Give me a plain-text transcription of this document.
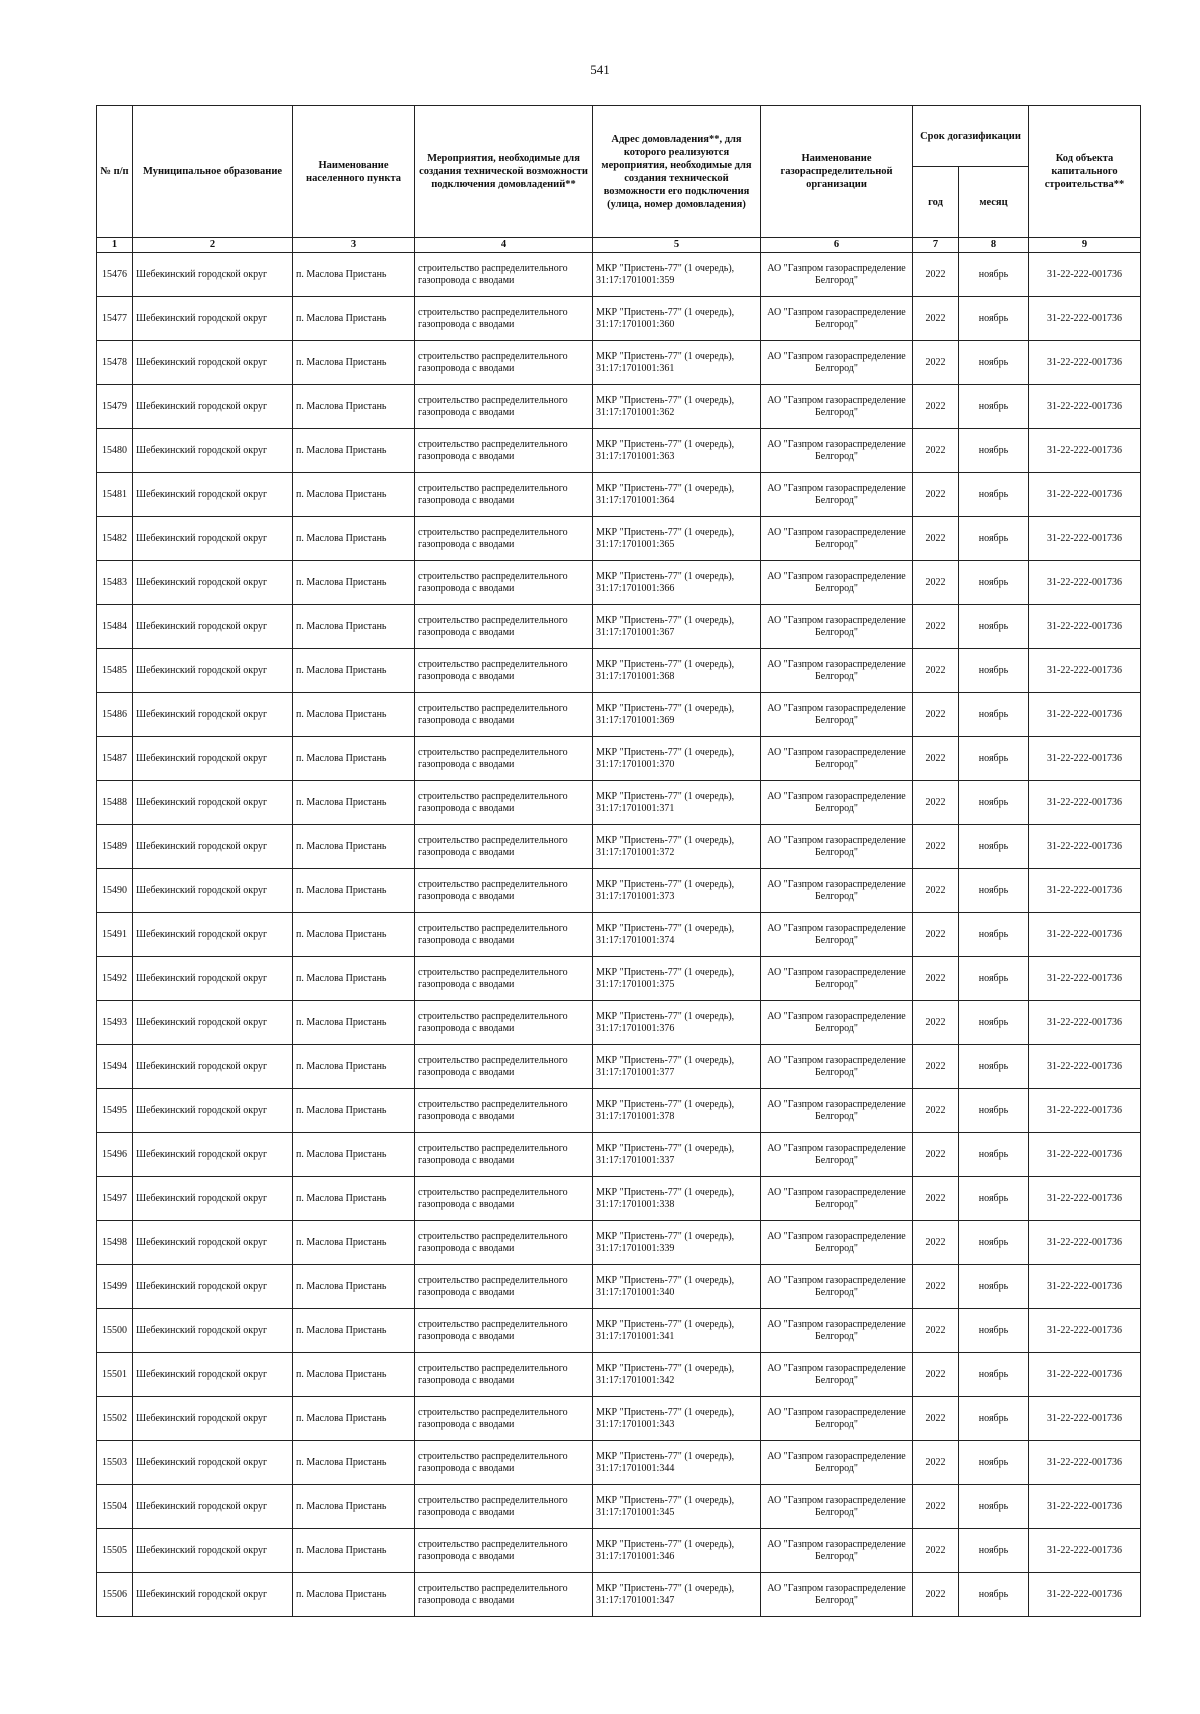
541
№ п/п	Муниципальное образование	Наименование населенного пункта	Мероприятия, необходимые для создания технической возможности подключения домовладений**	Адрес домовладения**, для которого реализуются мероприятия, необходимые для создания технической возможности его подключения (улица, номер домовладения)	Наименование газораспределительной организации	Срок догазификации		Код объекта капитального строительства**
						год	месяц	
1	2	3	4	5	6	7	8	9
15476	Шебекинский городской округ	п. Маслова Пристань	строительство распределительного газопровода с вводами	МКР "Пристень-77" (1 очередь), 31:17:1701001:359	АО "Газпром газораспределение Белгород"	2022	ноябрь	31-22-222-001736
15477	Шебекинский городской округ	п. Маслова Пристань	строительство распределительного газопровода с вводами	МКР "Пристень-77" (1 очередь), 31:17:1701001:360	АО "Газпром газораспределение Белгород"	2022	ноябрь	31-22-222-001736
15478	Шебекинский городской округ	п. Маслова Пристань	строительство распределительного газопровода с вводами	МКР "Пристень-77" (1 очередь), 31:17:1701001:361	АО "Газпром газораспределение Белгород"	2022	ноябрь	31-22-222-001736
15479	Шебекинский городской округ	п. Маслова Пристань	строительство распределительного газопровода с вводами	МКР "Пристень-77" (1 очередь), 31:17:1701001:362	АО "Газпром газораспределение Белгород"	2022	ноябрь	31-22-222-001736
15480	Шебекинский городской округ	п. Маслова Пристань	строительство распределительного газопровода с вводами	МКР "Пристень-77" (1 очередь), 31:17:1701001:363	АО "Газпром газораспределение Белгород"	2022	ноябрь	31-22-222-001736
15481	Шебекинский городской округ	п. Маслова Пристань	строительство распределительного газопровода с вводами	МКР "Пристень-77" (1 очередь), 31:17:1701001:364	АО "Газпром газораспределение Белгород"	2022	ноябрь	31-22-222-001736
15482	Шебекинский городской округ	п. Маслова Пристань	строительство распределительного газопровода с вводами	МКР "Пристень-77" (1 очередь), 31:17:1701001:365	АО "Газпром газораспределение Белгород"	2022	ноябрь	31-22-222-001736
15483	Шебекинский городской округ	п. Маслова Пристань	строительство распределительного газопровода с вводами	МКР "Пристень-77" (1 очередь), 31:17:1701001:366	АО "Газпром газораспределение Белгород"	2022	ноябрь	31-22-222-001736
15484	Шебекинский городской округ	п. Маслова Пристань	строительство распределительного газопровода с вводами	МКР "Пристень-77" (1 очередь), 31:17:1701001:367	АО "Газпром газораспределение Белгород"	2022	ноябрь	31-22-222-001736
15485	Шебекинский городской округ	п. Маслова Пристань	строительство распределительного газопровода с вводами	МКР "Пристень-77" (1 очередь), 31:17:1701001:368	АО "Газпром газораспределение Белгород"	2022	ноябрь	31-22-222-001736
15486	Шебекинский городской округ	п. Маслова Пристань	строительство распределительного газопровода с вводами	МКР "Пристень-77" (1 очередь), 31:17:1701001:369	АО "Газпром газораспределение Белгород"	2022	ноябрь	31-22-222-001736
15487	Шебекинский городской округ	п. Маслова Пристань	строительство распределительного газопровода с вводами	МКР "Пристень-77" (1 очередь), 31:17:1701001:370	АО "Газпром газораспределение Белгород"	2022	ноябрь	31-22-222-001736
15488	Шебекинский городской округ	п. Маслова Пристань	строительство распределительного газопровода с вводами	МКР "Пристень-77" (1 очередь), 31:17:1701001:371	АО "Газпром газораспределение Белгород"	2022	ноябрь	31-22-222-001736
15489	Шебекинский городской округ	п. Маслова Пристань	строительство распределительного газопровода с вводами	МКР "Пристень-77" (1 очередь), 31:17:1701001:372	АО "Газпром газораспределение Белгород"	2022	ноябрь	31-22-222-001736
15490	Шебекинский городской округ	п. Маслова Пристань	строительство распределительного газопровода с вводами	МКР "Пристень-77" (1 очередь), 31:17:1701001:373	АО "Газпром газораспределение Белгород"	2022	ноябрь	31-22-222-001736
15491	Шебекинский городской округ	п. Маслова Пристань	строительство распределительного газопровода с вводами	МКР "Пристень-77" (1 очередь), 31:17:1701001:374	АО "Газпром газораспределение Белгород"	2022	ноябрь	31-22-222-001736
15492	Шебекинский городской округ	п. Маслова Пристань	строительство распределительного газопровода с вводами	МКР "Пристень-77" (1 очередь), 31:17:1701001:375	АО "Газпром газораспределение Белгород"	2022	ноябрь	31-22-222-001736
15493	Шебекинский городской округ	п. Маслова Пристань	строительство распределительного газопровода с вводами	МКР "Пристень-77" (1 очередь), 31:17:1701001:376	АО "Газпром газораспределение Белгород"	2022	ноябрь	31-22-222-001736
15494	Шебекинский городской округ	п. Маслова Пристань	строительство распределительного газопровода с вводами	МКР "Пристень-77" (1 очередь), 31:17:1701001:377	АО "Газпром газораспределение Белгород"	2022	ноябрь	31-22-222-001736
15495	Шебекинский городской округ	п. Маслова Пристань	строительство распределительного газопровода с вводами	МКР "Пристень-77" (1 очередь), 31:17:1701001:378	АО "Газпром газораспределение Белгород"	2022	ноябрь	31-22-222-001736
15496	Шебекинский городской округ	п. Маслова Пристань	строительство распределительного газопровода с вводами	МКР "Пристень-77" (1 очередь), 31:17:1701001:337	АО "Газпром газораспределение Белгород"	2022	ноябрь	31-22-222-001736
15497	Шебекинский городской округ	п. Маслова Пристань	строительство распределительного газопровода с вводами	МКР "Пристень-77" (1 очередь), 31:17:1701001:338	АО "Газпром газораспределение Белгород"	2022	ноябрь	31-22-222-001736
15498	Шебекинский городской округ	п. Маслова Пристань	строительство распределительного газопровода с вводами	МКР "Пристень-77" (1 очередь), 31:17:1701001:339	АО "Газпром газораспределение Белгород"	2022	ноябрь	31-22-222-001736
15499	Шебекинский городской округ	п. Маслова Пристань	строительство распределительного газопровода с вводами	МКР "Пристень-77" (1 очередь), 31:17:1701001:340	АО "Газпром газораспределение Белгород"	2022	ноябрь	31-22-222-001736
15500	Шебекинский городской округ	п. Маслова Пристань	строительство распределительного газопровода с вводами	МКР "Пристень-77" (1 очередь), 31:17:1701001:341	АО "Газпром газораспределение Белгород"	2022	ноябрь	31-22-222-001736
15501	Шебекинский городской округ	п. Маслова Пристань	строительство распределительного газопровода с вводами	МКР "Пристень-77" (1 очередь), 31:17:1701001:342	АО "Газпром газораспределение Белгород"	2022	ноябрь	31-22-222-001736
15502	Шебекинский городской округ	п. Маслова Пристань	строительство распределительного газопровода с вводами	МКР "Пристень-77" (1 очередь), 31:17:1701001:343	АО "Газпром газораспределение Белгород"	2022	ноябрь	31-22-222-001736
15503	Шебекинский городской округ	п. Маслова Пристань	строительство распределительного газопровода с вводами	МКР "Пристень-77" (1 очередь), 31:17:1701001:344	АО "Газпром газораспределение Белгород"	2022	ноябрь	31-22-222-001736
15504	Шебекинский городской округ	п. Маслова Пристань	строительство распределительного газопровода с вводами	МКР "Пристень-77" (1 очередь), 31:17:1701001:345	АО "Газпром газораспределение Белгород"	2022	ноябрь	31-22-222-001736
15505	Шебекинский городской округ	п. Маслова Пристань	строительство распределительного газопровода с вводами	МКР "Пристень-77" (1 очередь), 31:17:1701001:346	АО "Газпром газораспределение Белгород"	2022	ноябрь	31-22-222-001736
15506	Шебекинский городской округ	п. Маслова Пристань	строительство распределительного газопровода с вводами	МКР "Пристень-77" (1 очередь), 31:17:1701001:347	АО "Газпром газораспределение Белгород"	2022	ноябрь	31-22-222-001736
